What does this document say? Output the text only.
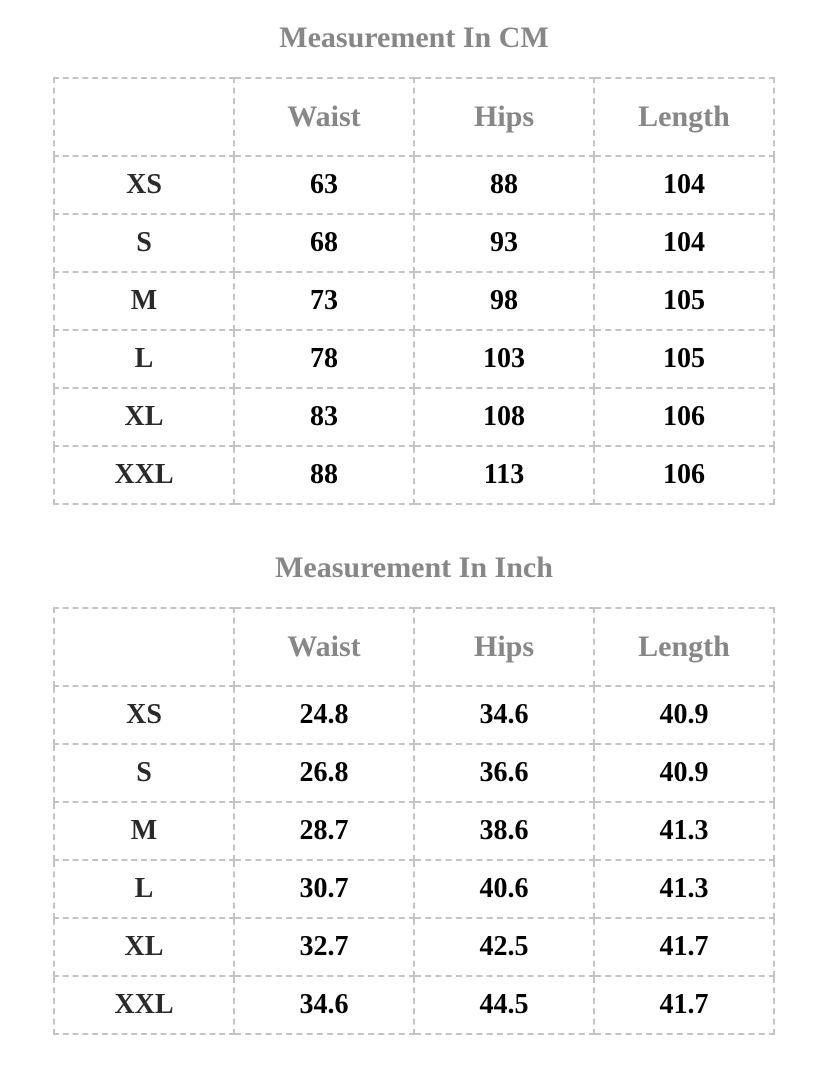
Measurement In CM
	Waist	Hips	Length
XS	63	88	104
S	68	93	104
M	73	98	105
L	78	103	105
XL	83	108	106
XXL	88	113	106
Measurement In Inch
	Waist	Hips	Length
XS	24.8	34.6	40.9
S	26.8	36.6	40.9
M	28.7	38.6	41.3
L	30.7	40.6	41.3
XL	32.7	42.5	41.7
XXL	34.6	44.5	41.7
